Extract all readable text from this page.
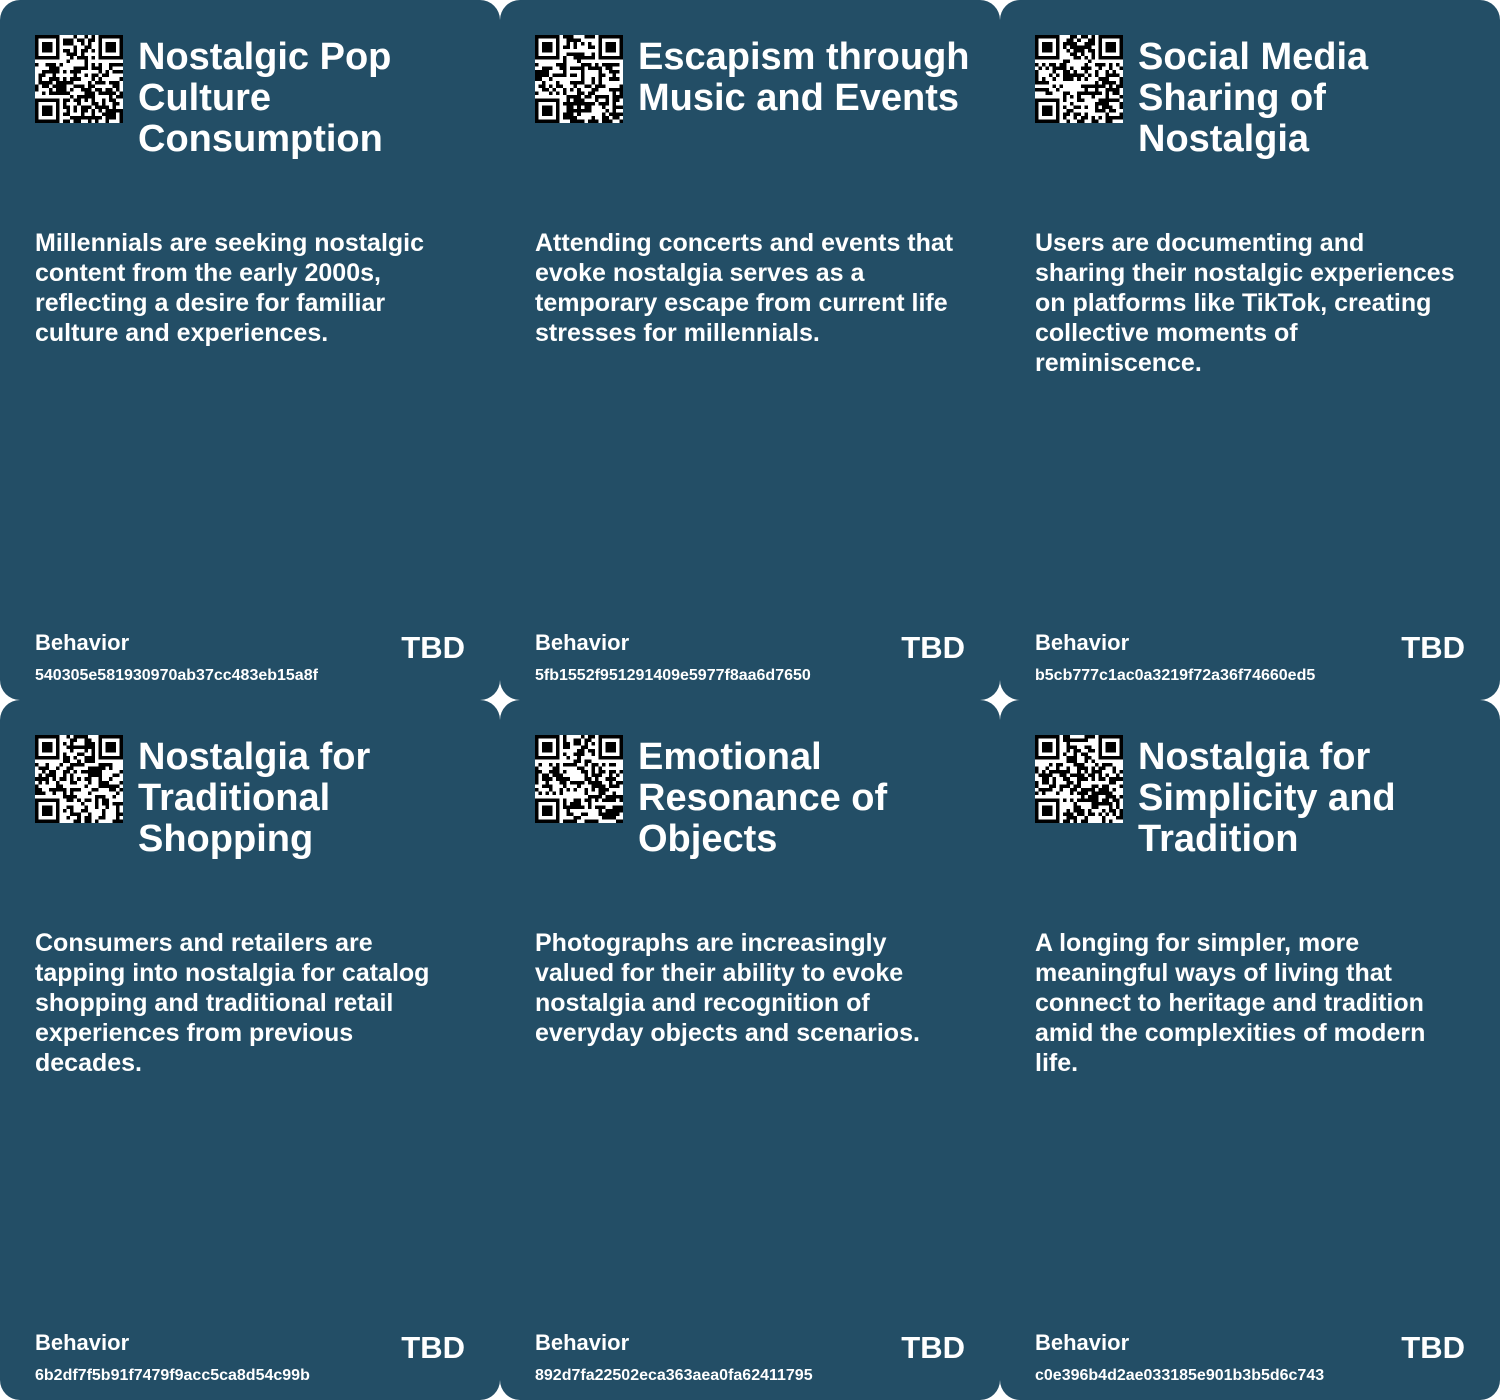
Nostalgic Pop Culture Consumption

Millennials are seeking nostalgic content from the early 2000s, reflecting a desire for familiar culture and experiences.

Behavior
540305e581930970ab37cc483eb15a8f
TBD
Escapism through Music and Events

Attending concerts and events that evoke nostalgia serves as a temporary escape from current life stresses for millennials.

Behavior
5fb1552f951291409e5977f8aa6d7650
TBD
Social Media Sharing of Nostalgia

Users are documenting and sharing their nostalgic experiences on platforms like TikTok, creating collective moments of reminiscence.

Behavior
b5cb777c1ac0a3219f72a36f74660ed5
TBD
Nostalgia for Traditional Shopping

Consumers and retailers are tapping into nostalgia for catalog shopping and traditional retail experiences from previous decades.

Behavior
6b2df7f5b91f7479f9acc5ca8d54c99b
TBD
Emotional Resonance of Objects

Photographs are increasingly valued for their ability to evoke nostalgia and recognition of everyday objects and scenarios.

Behavior
892d7fa22502eca363aea0fa62411795
TBD
Nostalgia for Simplicity and Tradition

A longing for simpler, more meaningful ways of living that connect to heritage and tradition amid the complexities of modern life.

Behavior
c0e396b4d2ae033185e901b3b5d6c743
TBD
